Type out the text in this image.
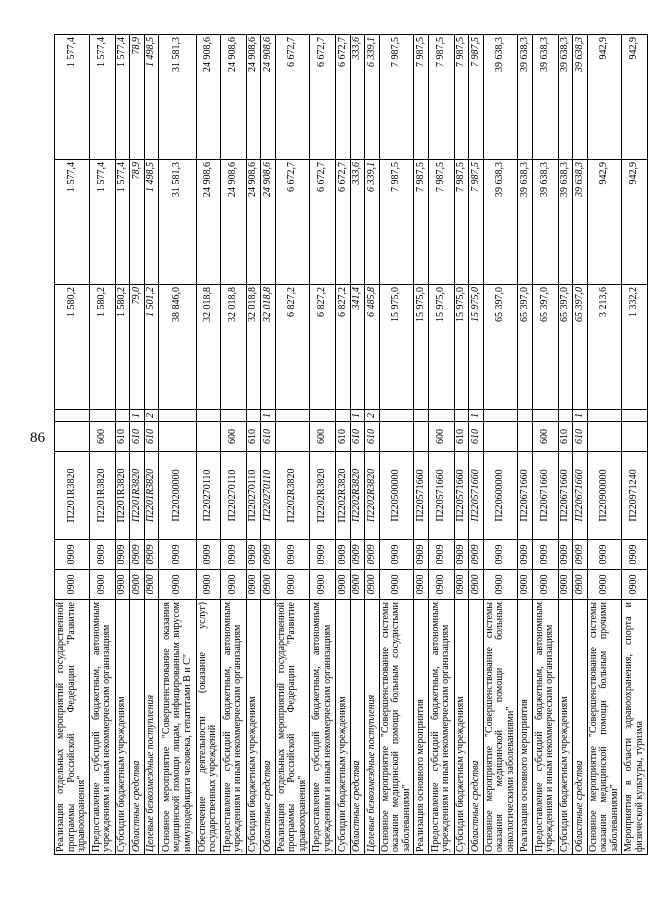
86
Реализация отдельных мероприятий государственной программы Российской Федерации "Развитие здравоохранения"	0900	0909	П2201R3820			1 580,2	1 577,4	1 577,4
Предоставление субсидий бюджетным, автономным учреждениям и иным некоммерческим организациям	0900	0909	П2201R3820	600		1 580,2	1 577,4	1 577,4
Субсидии бюджетным учреждениям	0900	0909	П2201R3820	610		1 580,2	1 577,4	1 577,4
Областные средства	0900	0909	П2201R3820	610	1	79,0	78,9	78,9
Целевые безвозмездные поступления	0900	0909	П2201R3820	610	2	1 501,2	1 498,5	1 498,5
Основное мероприятие "Совершенствование оказания медицинской помощи лицам, инфицированным вирусом иммунодефицита человека, гепатитами B и C"	0900	0909	П220200000			38 846,0	31 581,3	31 581,3
Обеспечение деятельности (оказание услуг) государственных учреждений	0900	0909	П220270110			32 018,8	24 908,6	24 908,6
Предоставление субсидий бюджетным, автономным учреждениям и иным некоммерческим организациям	0900	0909	П220270110	600		32 018,8	24 908,6	24 908,6
Субсидии бюджетным учреждениям	0900	0909	П220270110	610		32 018,8	24 908,6	24 908,6
Областные средства	0900	0909	П220270110	610	1	32 018,8	24 908,6	24 908,6
Реализация отдельных мероприятий государственной программы Российской Федерации "Развитие здравоохранения"	0900	0909	П2202R3820			6 827,2	6 672,7	6 672,7
Предоставление субсидий бюджетным, автономным учреждениям и иным некоммерческим организациям	0900	0909	П2202R3820	600		6 827,2	6 672,7	6 672,7
Субсидии бюджетным учреждениям	0900	0909	П2202R3820	610		6 827,2	6 672,7	6 672,7
Областные средства	0900	0909	П2202R3820	610	1	341,4	333,6	333,6
Целевые безвозмездные поступления	0900	0909	П2202R3820	610	2	6 485,8	6 339,1	6 339,1
Основное мероприятие "Совершенствование системы оказания медицинской помощи больным сосудистыми заболеваниями"	0900	0909	П220500000			15 975,0	7 987,5	7 987,5
Реализация основного мероприятия	0900	0909	П220571660			15 975,0	7 987,5	7 987,5
Предоставление субсидий бюджетным, автономным учреждениям и иным некоммерческим организациям	0900	0909	П220571660	600		15 975,0	7 987,5	7 987,5
Субсидии бюджетным учреждениям	0900	0909	П220571660	610		15 975,0	7 987,5	7 987,5
Областные средства	0900	0909	П220571660	610	1	15 975,0	7 987,5	7 987,5
Основное мероприятие "Совершенствование системы оказания медицинской помощи больным онкологическими заболеваниями"	0900	0909	П220600000			65 397,0	39 638,3	39 638,3
Реализация основного мероприятия	0900	0909	П220671660			65 397,0	39 638,3	39 638,3
Предоставление субсидий бюджетным, автономным учреждениям и иным некоммерческим организациям	0900	0909	П220671660	600		65 397,0	39 638,3	39 638,3
Субсидии бюджетным учреждениям	0900	0909	П220671660	610		65 397,0	39 638,3	39 638,3
Областные средства	0900	0909	П220671660	610	1	65 397,0	39 638,3	39 638,3
Основное мероприятие "Совершенствование системы оказания медицинской помощи больным прочими заболеваниями"	0900	0909	П220900000			3 213,6	942,9	942,9
Мероприятия в области здравоохранения, спорта и физической культуры, туризма	0900	0909	П220971240			1 332,2	942,9	942,9
